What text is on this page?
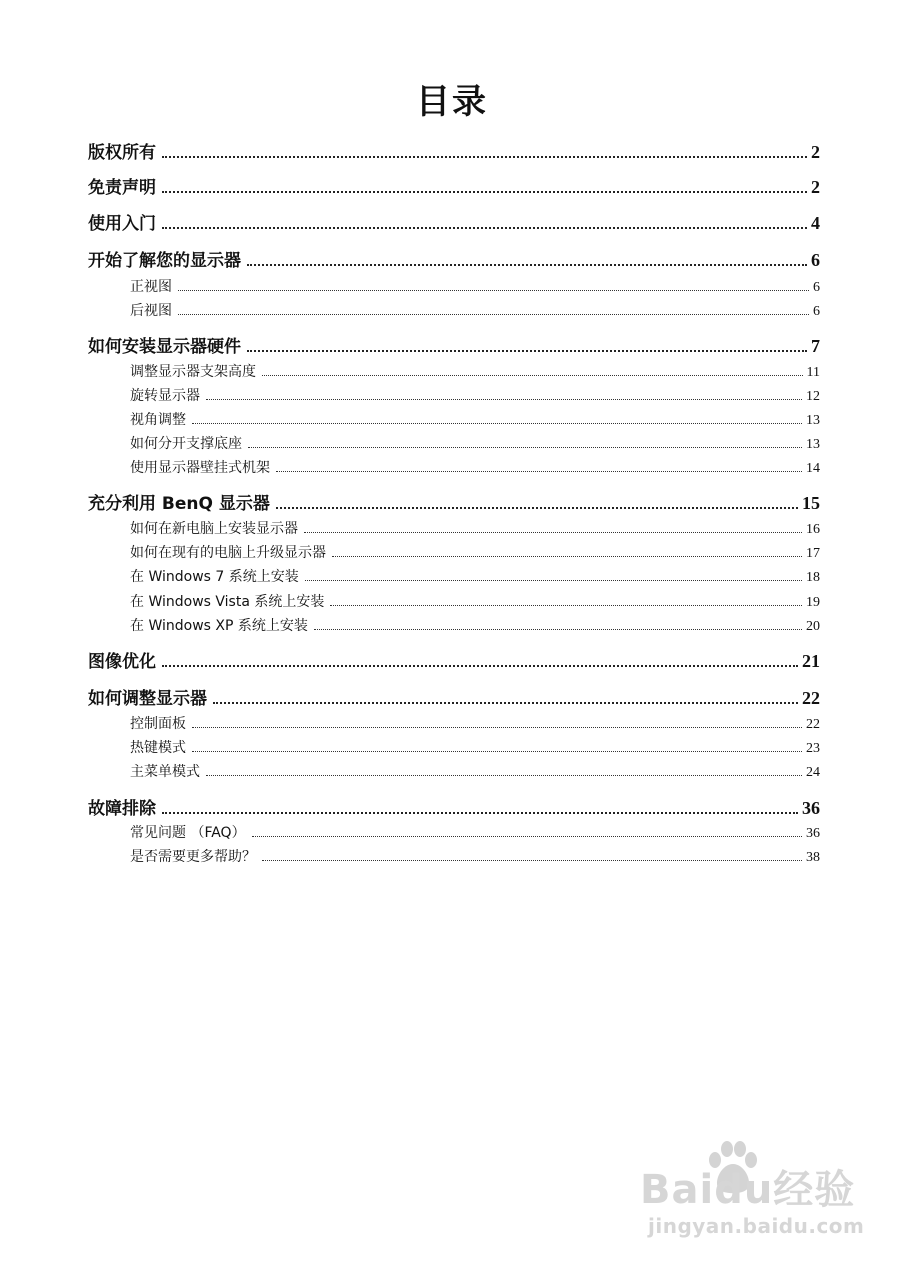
目录
版权所有	2
免责声明	2
使用入门	4
开始了解您的显示器	6
正视图	6
后视图	6
如何安装显示器硬件	7
调整显示器支架高度	11
旋转显示器	12
视角调整	13
如何分开支撑底座	13
使用显示器壁挂式机架	14
充分利用 BenQ 显示器	15
如何在新电脑上安装显示器	16
如何在现有的电脑上升级显示器	17
在 Windows 7 系统上安装	18
在 Windows Vista 系统上安装	19
在 Windows XP 系统上安装	20
图像优化	21
如何调整显示器	22
控制面板	22
热键模式	23
主菜单模式	24
故障排除	36
常见问题 （FAQ）	36
是否需要更多帮助？	38
Baidu经验
jingyan.baidu.com
